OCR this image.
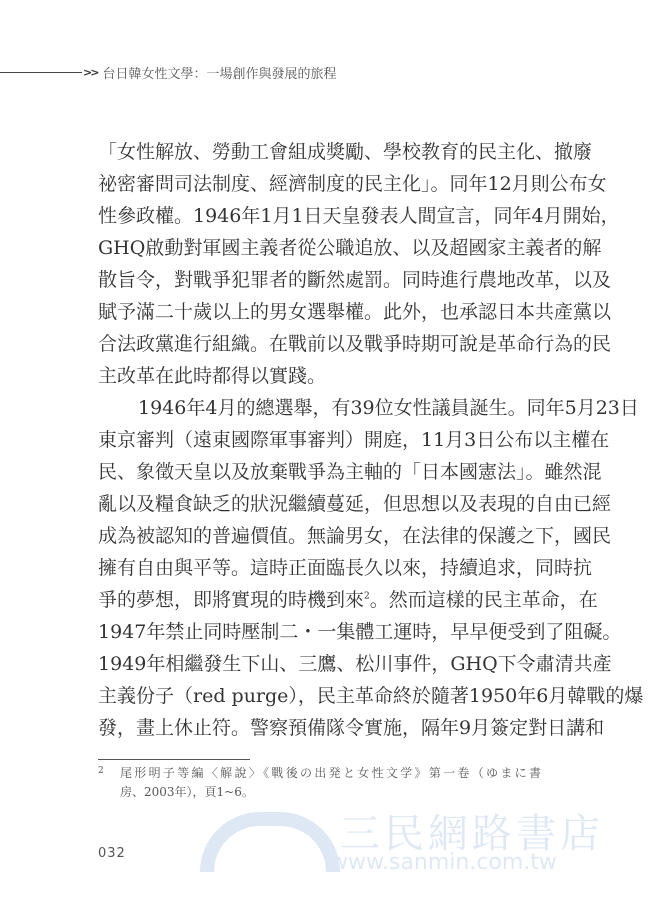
>> 台日韓女性文學：一場創作與發展的旅程
「女性解放、勞動工會組成獎勵、學校教育的民主化、撤廢
祕密審問司法制度、經濟制度的民主化」。同年12月則公布女
性參政權。1946年1月1日天皇發表人間宣言，同年4月開始，
GHQ啟動對軍國主義者從公職追放、以及超國家主義者的解
散旨令，對戰爭犯罪者的斷然處罰。同時進行農地改革，以及
賦予滿二十歲以上的男女選舉權。此外，也承認日本共產黨以
合法政黨進行組織。在戰前以及戰爭時期可說是革命行為的民
主改革在此時都得以實踐。
1946年4月的總選舉，有39位女性議員誕生。同年5月23日
東京審判（遠東國際軍事審判）開庭，11月3日公布以主權在
民、象徵天皇以及放棄戰爭為主軸的「日本國憲法」。雖然混
亂以及糧食缺乏的狀況繼續蔓延，但思想以及表現的自由已經
成為被認知的普遍價值。無論男女，在法律的保護之下，國民
擁有自由與平等。這時正面臨長久以來，持續追求，同時抗
爭的夢想，即將實現的時機到來$^2$。然而這樣的民主革命，在
1947年禁止同時壓制二・一集體工運時，早早便受到了阻礙。
1949年相繼發生下山、三鷹、松川事件，GHQ下令肅清共產
主義份子（red purge），民主革命終於隨著1950年6月韓戰的爆
發，畫上休止符。警察預備隊令實施，隔年9月簽定對日講和
2 尾形明子等編〈解說〉《戰後の出発と女性文学》第一卷（ゆまに書
房、2003年），頁1~6。
三民網路書店
www.sanmin.com.tw
032
